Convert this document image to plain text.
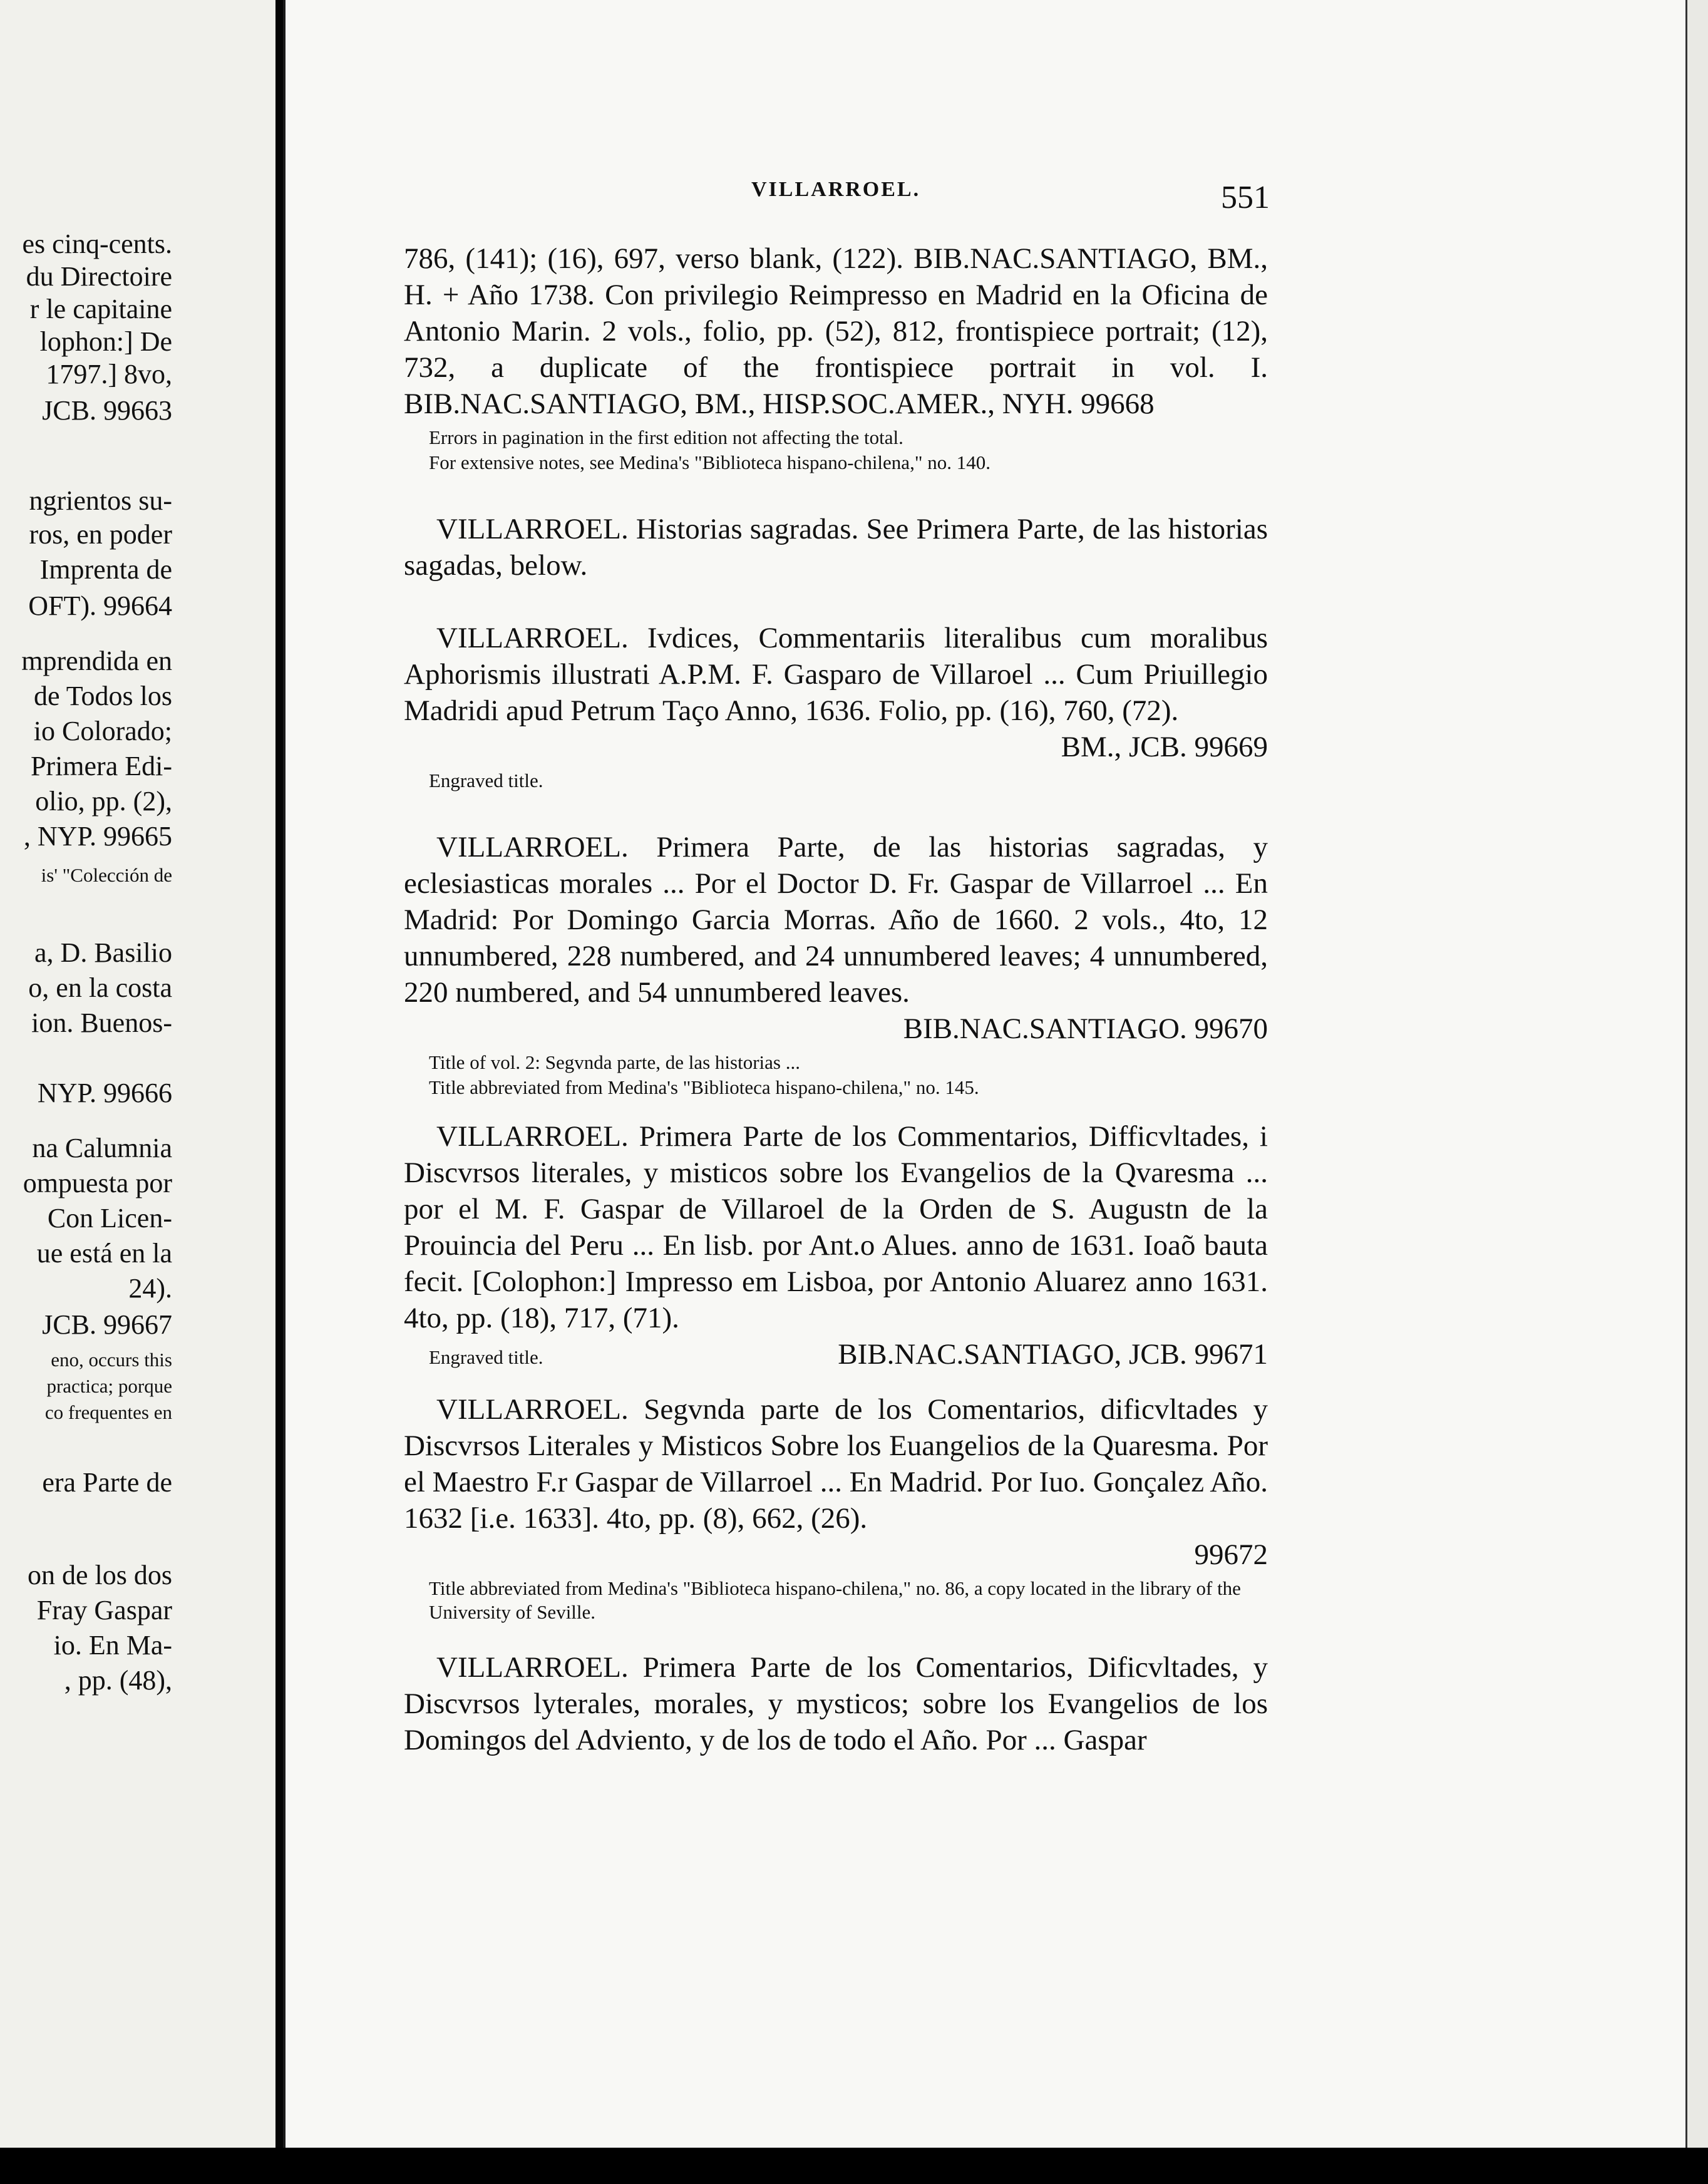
es cinq-cents.
du Directoire
r le capitaine
lophon:] De
1797.] 8vo,
JCB. 99663
ngrientos su-
ros, en poder
Imprenta de
OFT). 99664
mprendida en
de Todos los
io Colorado;
Primera Edi-
olio, pp. (2),
, NYP. 99665
is' "Colección de
a, D. Basilio
o, en la costa
ion. Buenos-
NYP. 99666
na Calumnia
ompuesta por
Con Licen-
ue está en la
24).
JCB. 99667
eno, occurs this
practica; porque
co frequentes en
era Parte de
on de los dos
Fray Gaspar
io. En Ma-
, pp. (48),
VILLARROEL.	551

786, (141); (16), 697, verso blank, (122). BIB.NAC.SANTIAGO, BM., H. + Año 1738. Con privilegio Reimpresso en Madrid en la Oficina de Antonio Marin. 2 vols., folio, pp. (52), 812, frontispiece portrait; (12), 732, a duplicate of the frontispiece portrait in vol. I. BIB.NAC.SANTIAGO, BM., HISP.SOC.AMER., NYH. 99668

Errors in pagination in the first edition not affecting the total.
For extensive notes, see Medina's "Biblioteca hispano-chilena," no. 140.

VILLARROEL. Historias sagradas. See Primera Parte, de las historias sagadas, below.

VILLARROEL. Ivdices, Commentariis literalibus cum moralibus Aphorismis illustrati A.P.M. F. Gasparo de Villaroel ... Cum Priuillegio Madridi apud Petrum Taço Anno, 1636. Folio, pp. (16), 760, (72).

BM., JCB. 99669

Engraved title.

VILLARROEL. Primera Parte, de las historias sagradas, y eclesiasticas morales ... Por el Doctor D. Fr. Gaspar de Villarroel ... En Madrid: Por Domingo Garcia Morras. Año de 1660. 2 vols., 4to, 12 unnumbered, 228 numbered, and 24 unnumbered leaves; 4 unnumbered, 220 numbered, and 54 unnumbered leaves.

BIB.NAC.SANTIAGO. 99670

Title of vol. 2: Segvnda parte, de las historias ...
Title abbreviated from Medina's "Biblioteca hispano-chilena," no. 145.

VILLARROEL. Primera Parte de los Commentarios, Difficvltades, i Discvrsos literales, y misticos sobre los Evangelios de la Qvaresma ... por el M. F. Gaspar de Villaroel de la Orden de S. Augustn de la Prouincia del Peru ... En lisb. por Ant.o Alues. anno de 1631. Ioaõ bauta fecit. [Colophon:] Impresso em Lisboa, por Antonio Aluarez anno 1631. 4to, pp. (18), 717, (71).

Engraved title.	BIB.NAC.SANTIAGO, JCB. 99671

VILLARROEL. Segvnda parte de los Comentarios, dificvltades y Discvrsos Literales y Misticos Sobre los Euangelios de la Quaresma. Por el Maestro F.r Gaspar de Villarroel ... En Madrid. Por Iuo. Gonçalez Año. 1632 [i.e. 1633]. 4to, pp. (8), 662, (26).

99672

Title abbreviated from Medina's "Biblioteca hispano-chilena," no. 86, a copy located in the library of the University of Seville.

VILLARROEL. Primera Parte de los Comentarios, Dificvltades, y Discvrsos lyterales, morales, y mysticos; sobre los Evangelios de los Domingos del Adviento, y de los de todo el Año. Por ... Gaspar
